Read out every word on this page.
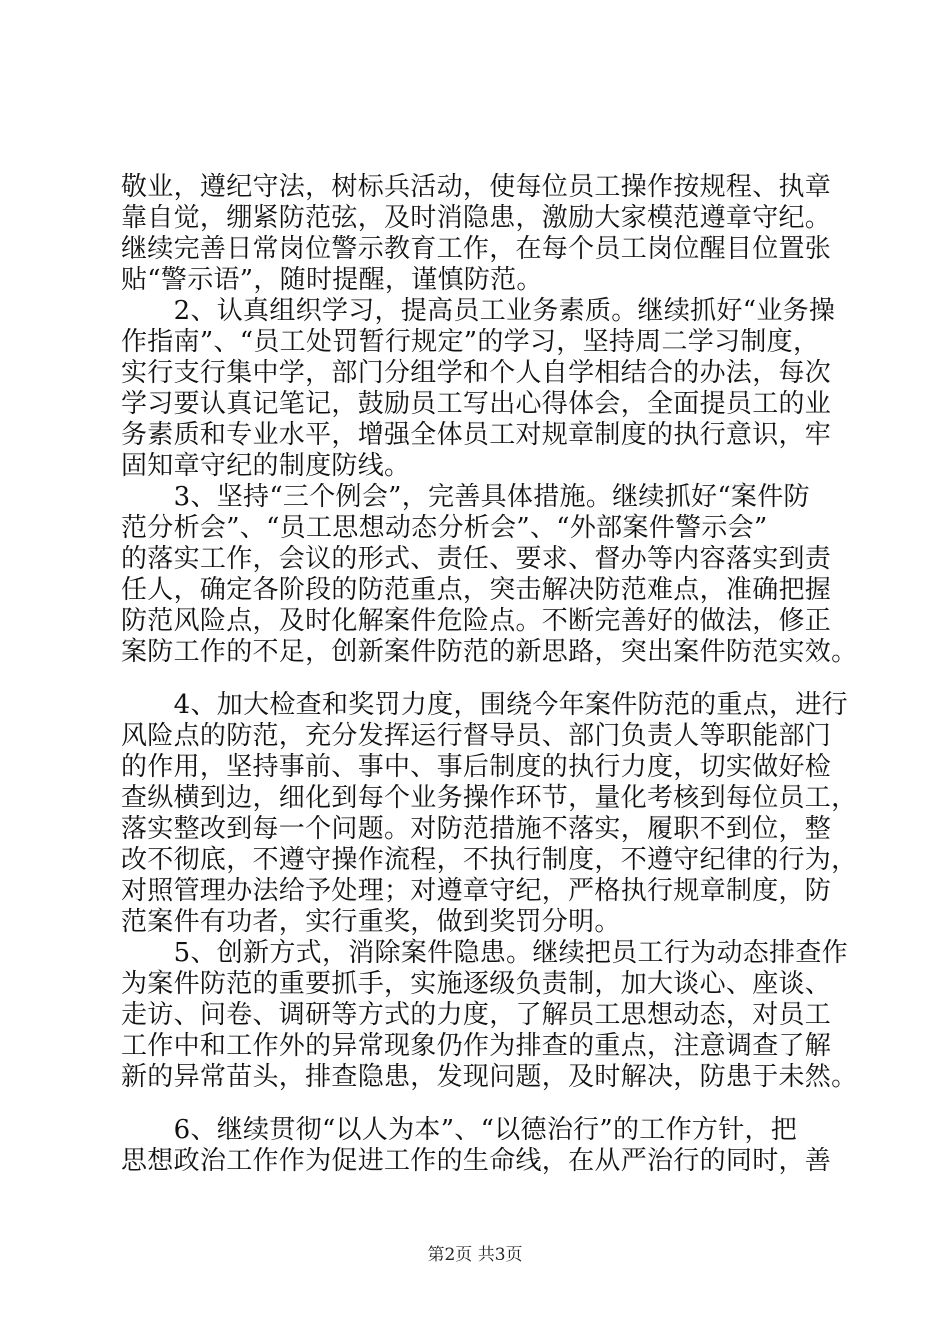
敬业，遵纪守法，树标兵活动，使每位员工操作按规程、执章
靠自觉，绷紧防范弦，及时消隐患，激励大家模范遵章守纪。
继续完善日常岗位警示教育工作，在每个员工岗位醒目位置张
贴“警示语”，随时提醒，谨慎防范。
　　2、认真组织学习，提高员工业务素质。继续抓好“业务操
作指南”、“员工处罚暂行规定”的学习，坚持周二学习制度，
实行支行集中学，部门分组学和个人自学相结合的办法，每次
学习要认真记笔记，鼓励员工写出心得体会，全面提员工的业
务素质和专业水平，增强全体员工对规章制度的执行意识，牢
固知章守纪的制度防线。
　　3、坚持“三个例会”，完善具体措施。继续抓好“案件防
范分析会”、“员工思想动态分析会”、“外部案件警示会”
的落实工作，会议的形式、责任、要求、督办等内容落实到责
任人，确定各阶段的防范重点，突击解决防范难点，准确把握
防范风险点，及时化解案件危险点。不断完善好的做法，修正
案防工作的不足，创新案件防范的新思路，突出案件防范实效。
　　4、加大检查和奖罚力度，围绕今年案件防范的重点，进行
风险点的防范，充分发挥运行督导员、部门负责人等职能部门
的作用，坚持事前、事中、事后制度的执行力度，切实做好检
查纵横到边，细化到每个业务操作环节，量化考核到每位员工，
落实整改到每一个问题。对防范措施不落实，履职不到位，整
改不彻底，不遵守操作流程，不执行制度，不遵守纪律的行为，
对照管理办法给予处理；对遵章守纪，严格执行规章制度，防
范案件有功者，实行重奖，做到奖罚分明。
　　5、创新方式，消除案件隐患。继续把员工行为动态排查作
为案件防范的重要抓手，实施逐级负责制，加大谈心、座谈、
走访、问卷、调研等方式的力度，了解员工思想动态，对员工
工作中和工作外的异常现象仍作为排查的重点，注意调查了解
新的异常苗头，排查隐患，发现问题，及时解决，防患于未然。
　　6、继续贯彻“以人为本”、“以德治行”的工作方针，把
思想政治工作作为促进工作的生命线，在从严治行的同时，善
第2页 共3页
